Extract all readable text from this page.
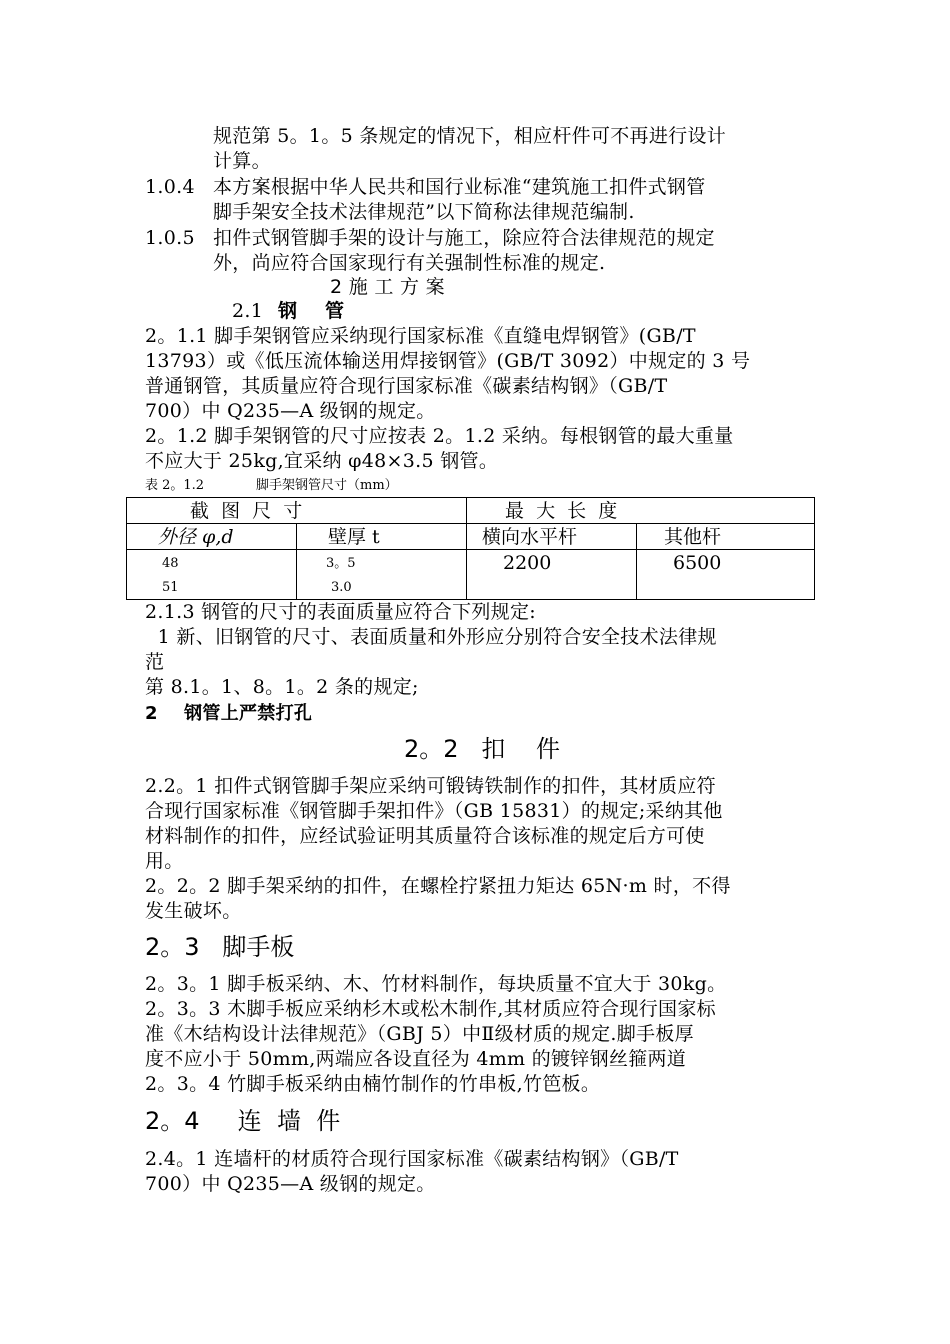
规范第 5。1。5 条规定的情况下，相应杆件可不再进行设计
计算。
1.0.4 本方案根据中华人民共和国行业标准“建筑施工扣件式钢管
脚手架安全技术法律规范”以下简称法律规范编制.
1.0.5 扣件式钢管脚手架的设计与施工，除应符合法律规范的规定
外，尚应符合国家现行有关强制性标准的规定.
2 施 工 方 案
2.1 钢    管
2。1.1 脚手架钢管应采纳现行国家标准《直缝电焊钢管》(GB/T
13793）或《低压流体输送用焊接钢管》(GB/T 3092）中规定的 3 号
普通钢管，其质量应符合现行国家标准《碳素结构钢》（GB/T
700）中 Q235—A 级钢的规定。
2。1.2 脚手架钢管的尺寸应按表 2。1.2 采纳。每根钢管的最大重量
不应大于 25kg,宜采纳 φ48×3.5 钢管。
表 2。1.2	脚手架钢管尺寸（mm）
截  图  尺  寸	最  大  长  度
外径 φ,d	壁厚 t	横向水平杆	其他杆
48	3。5	2200	6500
51	3.0
2.1.3 钢管的尺寸的表面质量应符合下列规定:
1 新、旧钢管的尺寸、表面质量和外形应分别符合安全技术法律规
范
第 8.1。1、8。1。2 条的规定;
2    钢管上严禁打孔
2。2   扣    件
2.2。1 扣件式钢管脚手架应采纳可锻铸铁制作的扣件，其材质应符
合现行国家标准《钢管脚手架扣件》（GB 15831）的规定;采纳其他
材料制作的扣件，应经试验证明其质量符合该标准的规定后方可使
用。
2。2。2 脚手架采纳的扣件，在螺栓拧紧扭力矩达 65N·m 时，不得
发生破坏。
2。3   脚手板
2。3。1 脚手板采纳、木、竹材料制作，每块质量不宜大于 30kg。
2。3。3 木脚手板应采纳杉木或松木制作,其材质应符合现行国家标
准《木结构设计法律规范》（GBJ 5）中Ⅱ级材质的规定.脚手板厚
度不应小于 50mm,两端应各设直径为 4mm 的镀锌钢丝箍两道
2。3。4 竹脚手板采纳由楠竹制作的竹串板,竹笆板。
2。4     连  墙  件
2.4。1 连墙杆的材质符合现行国家标准《碳素结构钢》（GB/T
700）中 Q235—A 级钢的规定。
